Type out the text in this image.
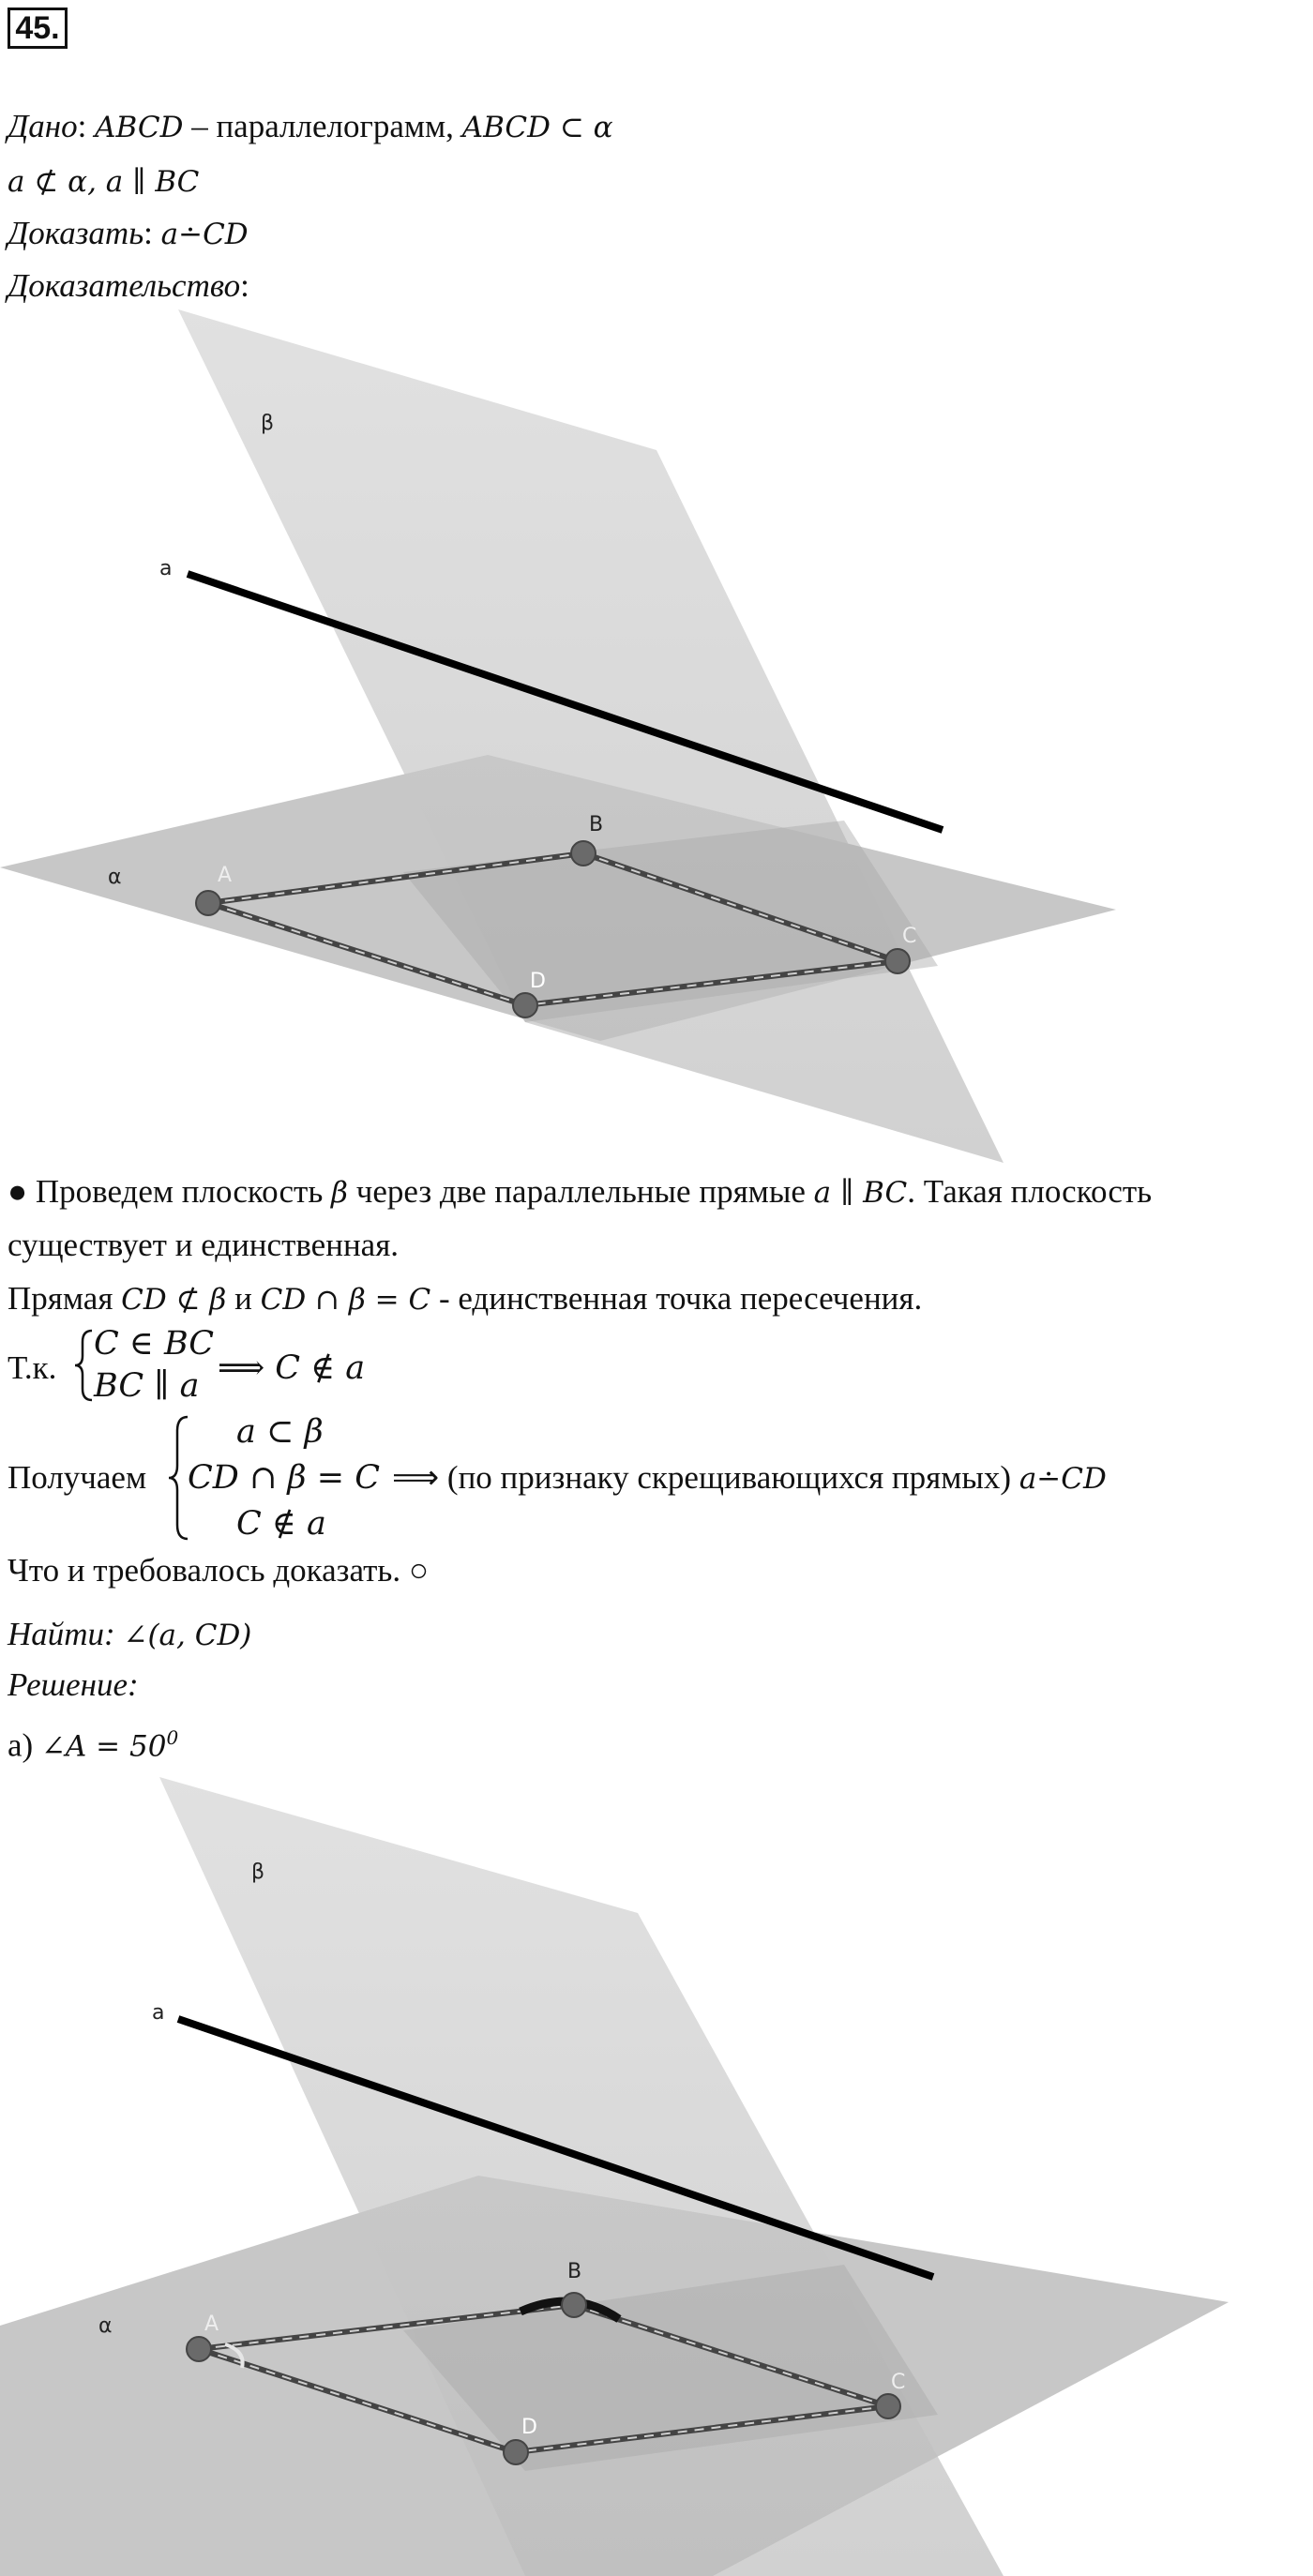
45.
Дано: ABCD – параллелограмм, ABCD ⊂ α
a ⊄ α, a ∥ BC
Доказать: a∸CD
Доказательство:
β
a
α	A
B
C
D
● Проведем плоскость β через две параллельные прямые a ∥ BC. Такая плоскость
существует и единственная.
Прямая CD ⊄ β и CD ∩ β = C - единственная точка пересечения.
Т.к.
C ∈ BC
BC ∥ a ⟹ C ∉ a
Получаем
a ⊂ β
CD ∩ β = C
C ∉ a
⟹ (по признаку скрещивающихся прямых) a∸CD
Что и требовалось доказать. ○
Найти: ∠(a, CD)
Решение:
а) ∠A = $50^0$
β
a
α	A
B
C
D
